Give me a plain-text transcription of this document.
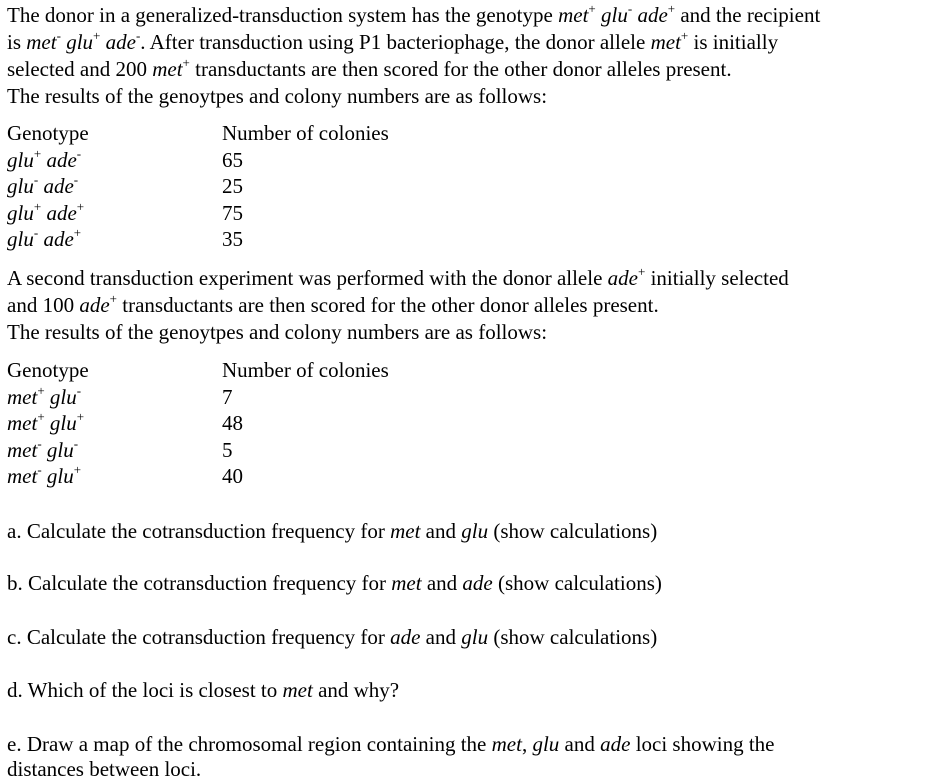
The donor in a generalized-transduction system has the genotype met+ glu- ade+ and the recipient
is met- glu+ ade-. After transduction using P1 bacteriophage, the donor allele met+ is initially
selected and 200 met+ transductants are then scored for the other donor alleles present.
The results of the genoytpes and colony numbers are as follows:
Genotype	Number of colonies
glu+ ade-	65
glu- ade-	25
glu+ ade+	75
glu- ade+	35
A second transduction experiment was performed with the donor allele ade+ initially selected
and 100 ade+ transductants are then scored for the other donor alleles present.
The results of the genoytpes and colony numbers are as follows:
Genotype	Number of colonies
met+ glu-	7
met+ glu+	48
met- glu-	5
met- glu+	40
a. Calculate the cotransduction frequency for met and glu (show calculations)
b. Calculate the cotransduction frequency for met and ade (show calculations)
c. Calculate the cotransduction frequency for ade and glu (show calculations)
d. Which of the loci is closest to met and why?
e. Draw a map of the chromosomal region containing the met, glu and ade loci showing the
distances between loci.
